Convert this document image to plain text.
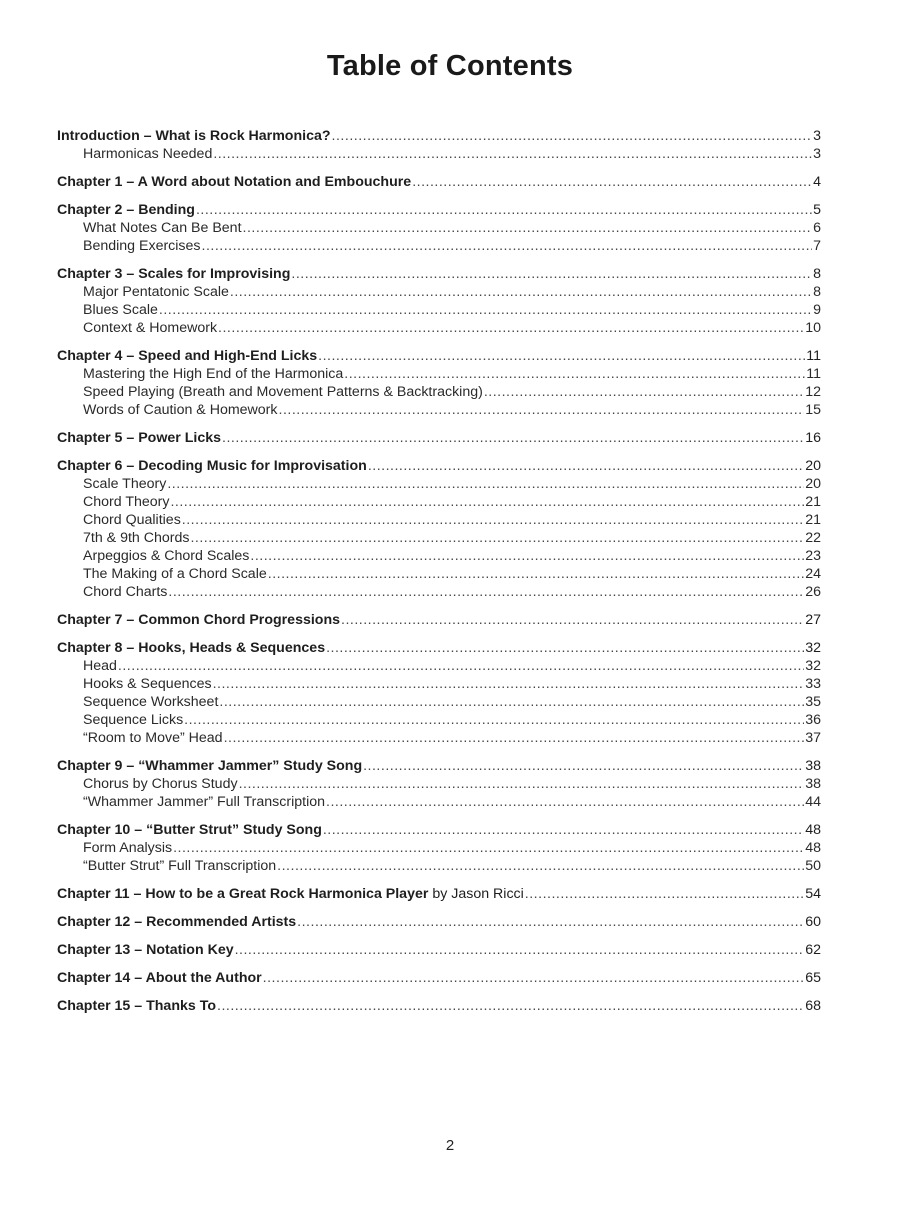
Table of Contents
Introduction – What is Rock Harmonica? .....	3
Harmonicas Needed .....	3
Chapter 1 – A Word about Notation and Embouchure .....	4
Chapter 2 – Bending .....	5
What Notes Can Be Bent .....	6
Bending Exercises .....	7
Chapter 3 – Scales for Improvising .....	8
Major Pentatonic Scale .....	8
Blues Scale .....	9
Context & Homework .....	10
Chapter 4 – Speed and High-End Licks .....	11
Mastering the High End of the Harmonica .....	11
Speed Playing (Breath and Movement Patterns & Backtracking) .....	12
Words of Caution & Homework .....	15
Chapter 5 – Power Licks .....	16
Chapter 6 – Decoding Music for Improvisation .....	20
Scale Theory .....	20
Chord Theory .....	21
Chord Qualities .....	21
7th & 9th Chords .....	22
Arpeggios & Chord Scales .....	23
The Making of a Chord Scale .....	24
Chord Charts .....	26
Chapter 7 – Common Chord Progressions .....	27
Chapter 8 – Hooks, Heads & Sequences .....	32
Head .....	32
Hooks & Sequences .....	33
Sequence Worksheet .....	35
Sequence Licks .....	36
“Room to Move” Head .....	37
Chapter 9 – “Whammer Jammer” Study Song .....	38
Chorus by Chorus Study .....	38
“Whammer Jammer” Full Transcription .....	44
Chapter 10 – “Butter Strut” Study Song .....	48
Form Analysis .....	48
“Butter Strut” Full Transcription .....	50
Chapter 11 – How to be a Great Rock Harmonica Player by Jason Ricci .....	54
Chapter 12 – Recommended Artists .....	60
Chapter 13 – Notation Key .....	62
Chapter 14 – About the Author .....	65
Chapter 15 – Thanks To .....	68
2
